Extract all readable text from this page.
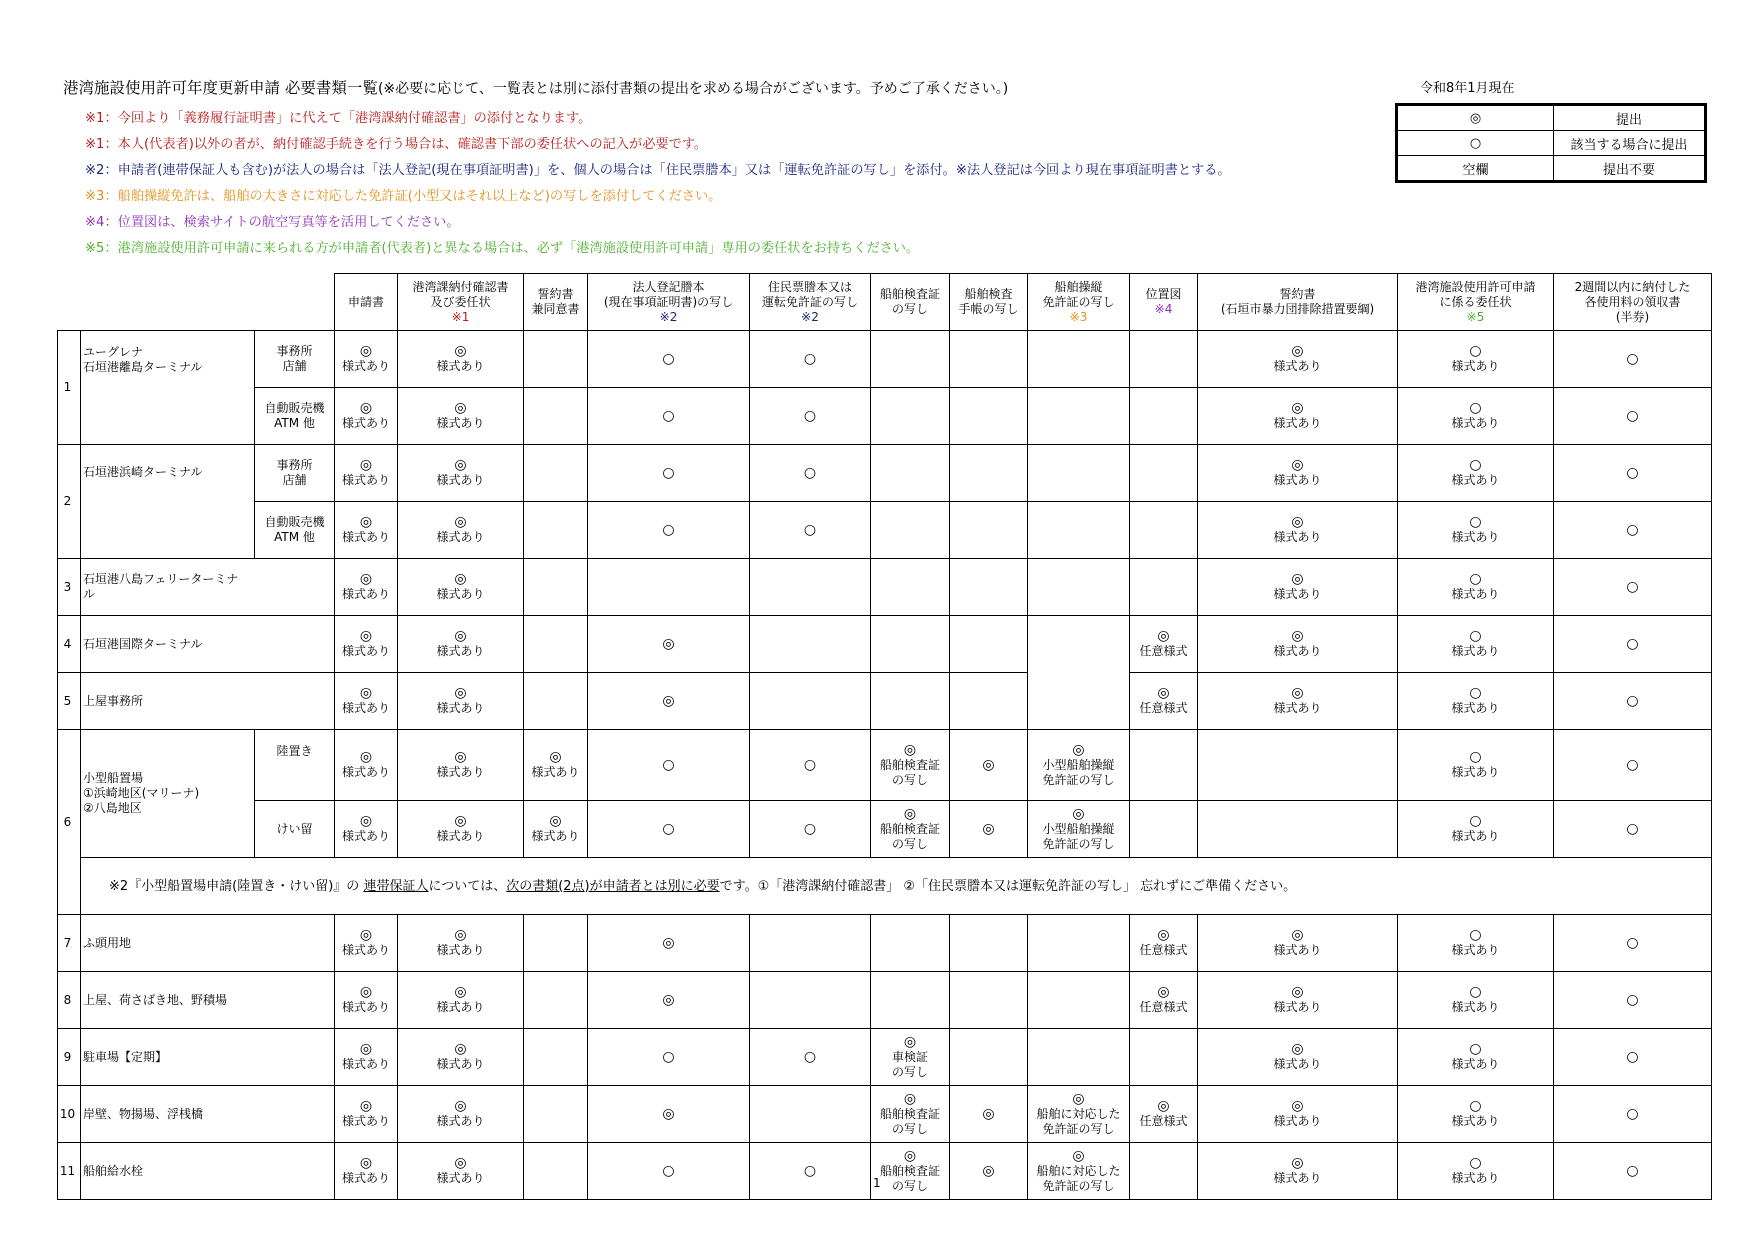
港湾施設使用許可年度更新申請 必要書類一覧(※必要に応じて、一覧表とは別に添付書類の提出を求める場合がございます。予めご了承ください。)	令和8年1月現在
※1：今回より「義務履行証明書」に代えて「港湾課納付確認書」の添付となります。
※1：本人(代表者)以外の者が、納付確認手続きを行う場合は、確認書下部の委任状への記入が必要です。
※2：申請者(連帯保証人も含む)が法人の場合は「法人登記(現在事項証明書)」を、個人の場合は「住民票謄本」又は「運転免許証の写し」を添付。※法人登記は今回より現在事項証明書とする。
※3：船舶操縦免許は、船舶の大きさに対応した免許証(小型又はそれ以上など)の写しを添付してください。
※4：位置図は、検索サイトの航空写真等を活用してください。
※5：港湾施設使用許可申請に来られる方が申請者(代表者)と異なる場合は、必ず「港湾施設使用許可申請」専用の委任状をお持ちください。
◎	提出
○	該当する場合に提出
空欄	提出不要
			申請書	港湾課納付確認書
及び委任状
※1	誓約書
兼同意書	法人登記謄本
(現在事項証明書)の写し
※2	住民票謄本又は
運転免許証の写し
※2	船舶検査証
の写し	船舶検査
手帳の写し	船舶操縦
免許証の写し
※3	位置図
※4	誓約書
(石垣市暴力団排除措置要綱)	港湾施設使用許可申請
に係る委任状
※5	2週間以内に納付した
各使用料の領収書
(半券)

1	ユーグレナ
石垣港離島ターミナル	事務所
店舗	◎
様式あり	◎
様式あり		○	○					◎
様式あり	○
様式あり	○

		自動販売機
ATM 他	◎
様式あり	◎
様式あり		○	○					◎
様式あり	○
様式あり	○
2	石垣港浜崎ターミナル	事務所
店舗	◎
様式あり	◎
様式あり		○	○					◎
様式あり	○
様式あり	○

		自動販売機
ATM 他	◎
様式あり	◎
様式あり		○	○					◎
様式あり	○
様式あり	○
3	石垣港八島フェリーターミナ
ル		◎
様式あり	◎
様式あり								◎
様式あり	○
様式あり	○
4	石垣港国際ターミナル		◎
様式あり	◎
様式あり		◎					◎
任意様式	◎
様式あり	○
様式あり	○
5	上屋事務所		◎
様式あり	◎
様式あり		◎					◎
任意様式	◎
様式あり	○
様式あり	○
6	小型船置場
①浜崎地区(マリーナ)
②八島地区	陸置き	◎
様式あり	◎
様式あり	◎
様式あり	○	○	◎
船舶検査証
の写し	◎	◎
小型船舶操縦
免許証の写し			○
様式あり	○
		けい留	◎
様式あり	◎
様式あり	◎
様式あり	○	○	◎
船舶検査証
の写し	◎	◎
小型船舶操縦
免許証の写し			○
様式あり	○
	※2『小型船置場申請(陸置き・けい留)』の 連帯保証人については、次の書類(2点)が申請者とは別に必要です。①「港湾課納付確認書」 ②「住民票謄本又は運転免許証の写し」 忘れずにご準備ください。													
7	ふ頭用地		◎
様式あり	◎
様式あり		◎					◎
任意様式	◎
様式あり	○
様式あり	○
8	上屋、荷さばき地、野積場		◎
様式あり	◎
様式あり		◎					◎
任意様式	◎
様式あり	○
様式あり	○
9	駐車場【定期】		◎
様式あり	◎
様式あり		○	○	◎
車検証
の写し				◎
様式あり	○
様式あり	○
10	岸壁、物揚場、浮桟橋		◎
様式あり	◎
様式あり		◎		◎
船舶検査証
の写し	◎	◎
船舶に対応した
免許証の写し	◎
任意様式	◎
様式あり	○
様式あり	○
11	船舶給水栓		◎
様式あり	◎
様式あり		○	○	◎
船舶検査証
の写し	◎	◎
船舶に対応した
免許証の写し		◎
様式あり	○
様式あり	○
1
